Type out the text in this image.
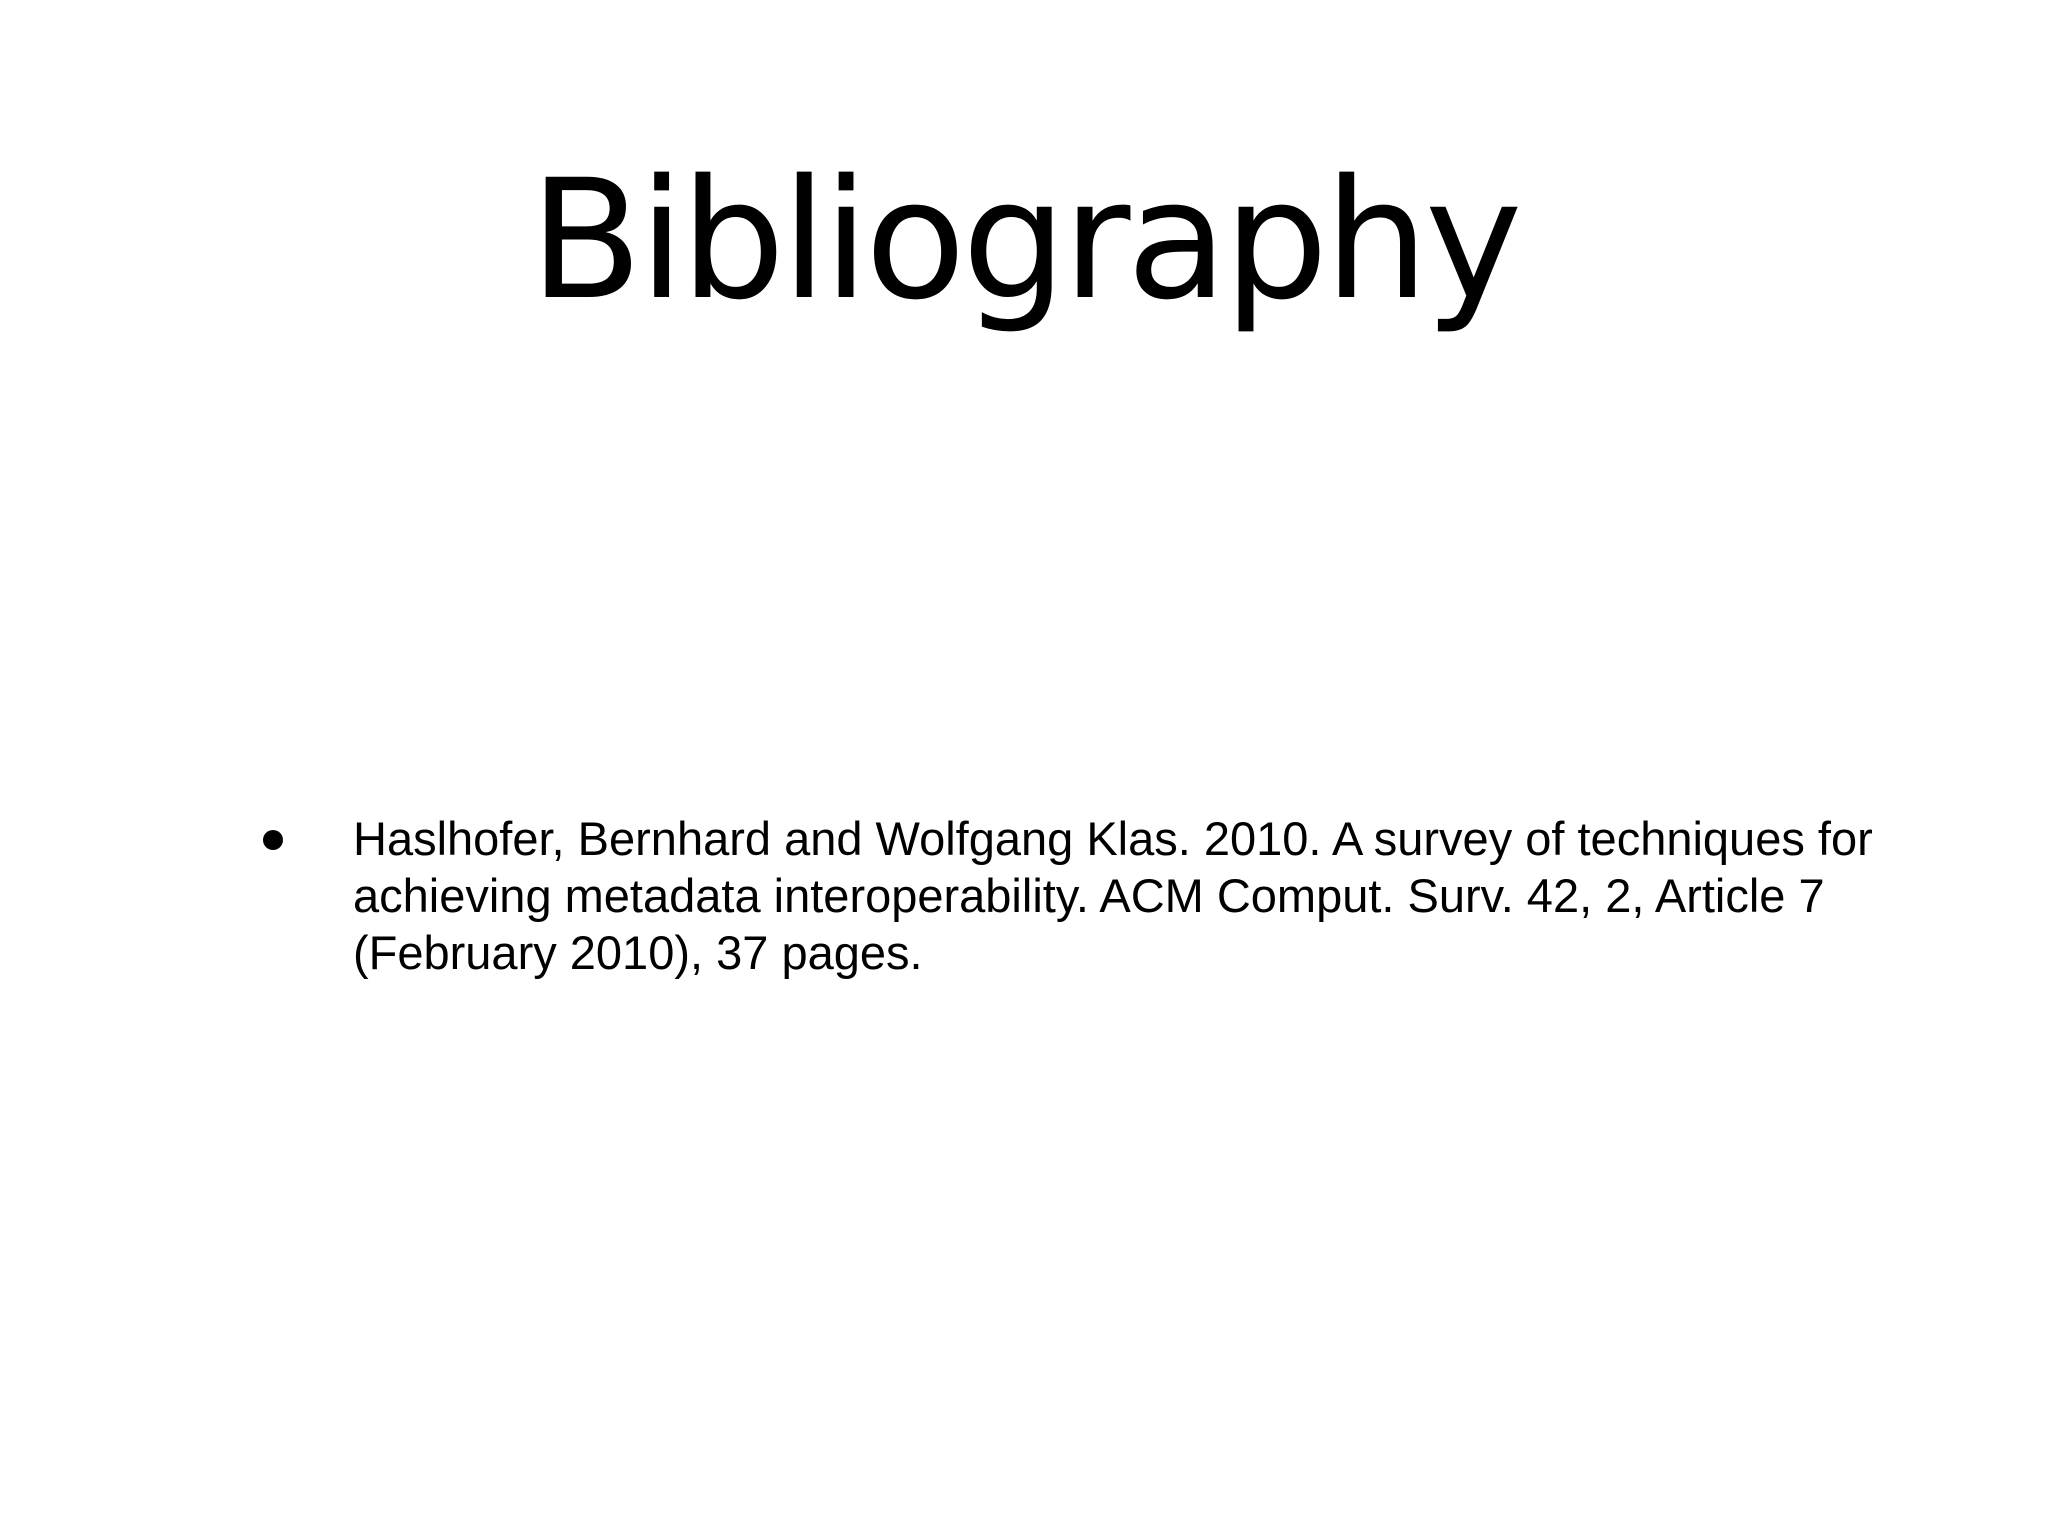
Bibliography
Haslhofer, Bernhard and Wolfgang Klas. 2010. A survey of techniques for achieving metadata interoperability. ACM Comput. Surv. 42, 2, Article 7 (February 2010), 37 pages.
